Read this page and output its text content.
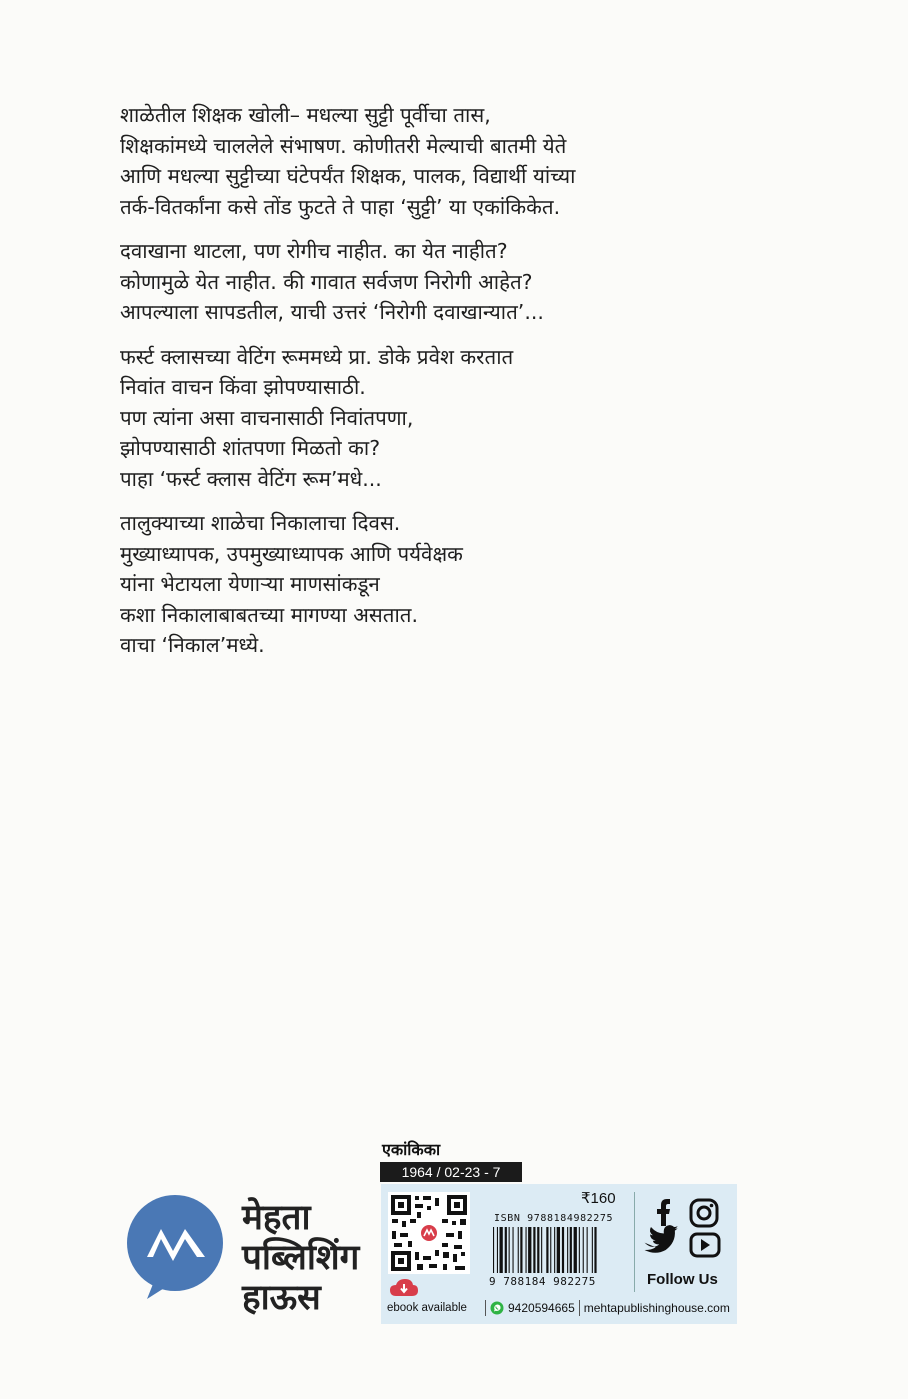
शाळेतील शिक्षक खोली– मधल्या सुट्टी पूर्वीचा तास,
शिक्षकांमध्ये चाललेले संभाषण. कोणीतरी मेल्याची बातमी येते
आणि मधल्या सुट्टीच्या घंटेपर्यंत शिक्षक, पालक, विद्यार्थी यांच्या
तर्क-वितर्कांना कसे तोंड फुटते ते पाहा ‘सुट्टी’ या एकांकिकेत.

दवाखाना थाटला, पण रोगीच नाहीत. का येत नाहीत?
कोणामुळे येत नाहीत. की गावात सर्वजण निरोगी आहेत?
आपल्याला सापडतील, याची उत्तरं ‘निरोगी दवाखान्यात’...

फर्स्ट क्लासच्या वेटिंग रूममध्ये प्रा. डोके प्रवेश करतात
निवांत वाचन किंवा झोपण्यासाठी.
पण त्यांना असा वाचनासाठी निवांतपणा,
झोपण्यासाठी शांतपणा मिळतो का?
पाहा ‘फर्स्ट क्लास वेटिंग रूम’मधे...

तालुक्याच्या शाळेचा निकालाचा दिवस.
मुख्याध्यापक, उपमुख्याध्यापक आणि पर्यवेक्षक
यांना भेटायला येणाऱ्या माणसांकडून
कशा निकालाबाबतच्या मागण्या असतात.
वाचा ‘निकाल’मध्ये.

मेहता
पब्लिशिंग
हाऊस
एकांकिका
1964 / 02-23 - 7
ebook available
₹160
ISBN 9788184982275
9 788184 982275	Follow Us
9420594665 mehtapublishinghouse.com
